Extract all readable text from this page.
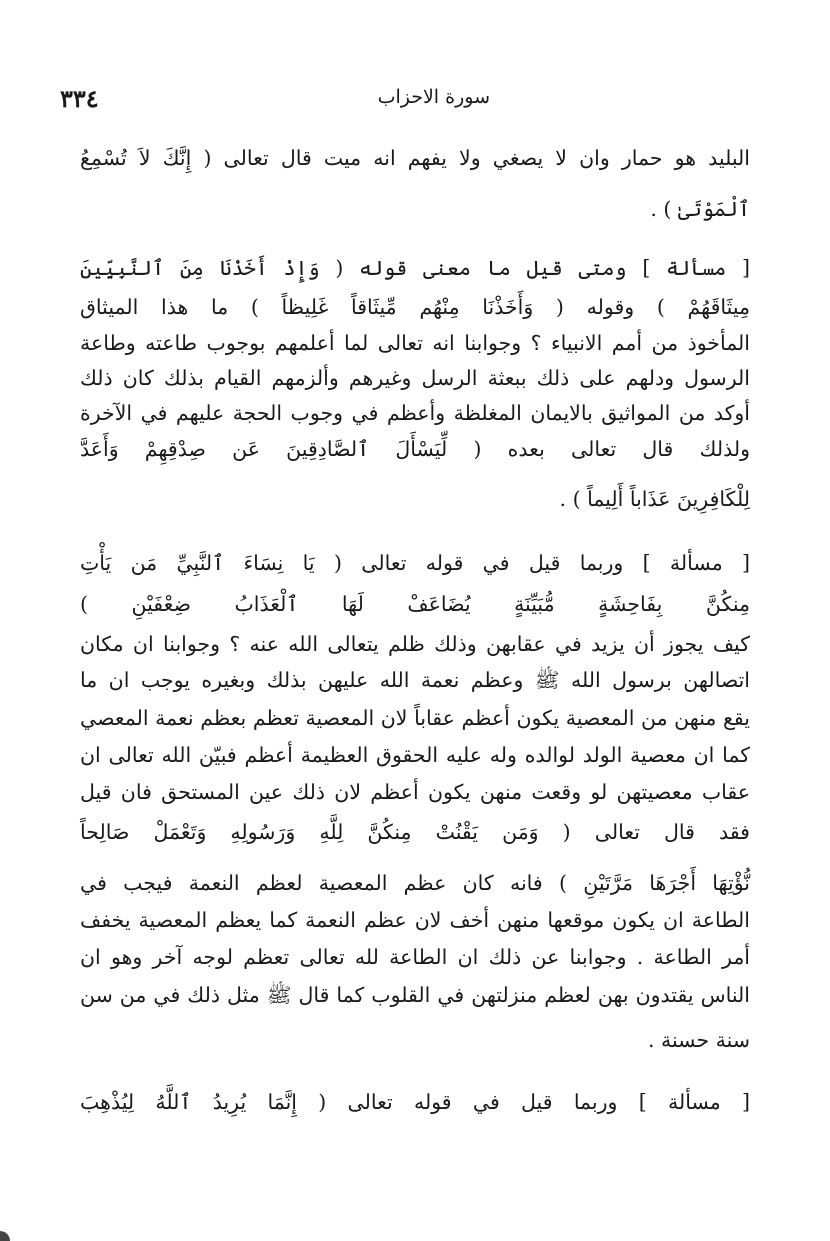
سورة الاحزاب
٣٣٤
البليد هو حمار وان لا يصغي ولا يفهم انه ميت قال تعالى ( إِنَّكَ لاَ تُسْمِعُ
ٱلْمَوْتَىٰ ) .
[ مسألة ] ومتى قيل ما معنى قوله ( وَإِذْ أَخَذْنَا مِنَ ٱلنَّبِيِّينَ
مِيثَاقَهُمْ ) وقوله ( وَأَخَذْنَا مِنْهُم مِّيثَاقاً غَلِيظاً ) ما هذا الميثاق
المأخوذ من أمم الانبياء ؟ وجوابنا انه تعالى لما أعلمهم بوجوب طاعته وطاعة
الرسول ودلهم على ذلك ببعثة الرسل وغيرهم وألزمهم القيام بذلك كان ذلك
أوكد من المواثيق بالايمان المغلظة وأعظم في وجوب الحجة عليهم في الآخرة
ولذلك قال تعالى بعده ( لِّيَسْأَلَ ٱلصَّادِقِينَ عَن صِدْقِهِمْ وَأَعَدَّ
لِلْكَافِرِينَ عَذَاباً أَلِيماً ) .
[ مسألة ] وربما قيل في قوله تعالى ( يَا نِسَاءَ ٱلنَّبِيِّ مَن يَأْتِ
مِنكُنَّ بِفَاحِشَةٍ مُّبَيِّنَةٍ يُضَاعَفْ لَهَا ٱلْعَذَابُ ضِعْفَيْنِ )
كيف يجوز أن يزيد في عقابهن وذلك ظلم يتعالى الله عنه ؟ وجوابنا ان مكان
اتصالهن برسول الله ﷺ وعظم نعمة الله عليهن بذلك وبغيره يوجب ان ما
يقع منهن من المعصية يكون أعظم عقاباً لان المعصية تعظم بعظم نعمة المعصي
كما ان معصية الولد لوالده وله عليه الحقوق العظيمة أعظم فبيّن الله تعالى ان
عقاب معصيتهن لو وقعت منهن يكون أعظم لان ذلك عين المستحق فان قيل
فقد قال تعالى ( وَمَن يَقْنُتْ مِنكُنَّ لِلَّهِ وَرَسُولِهِ وَتَعْمَلْ صَالِحاً
نُّؤْتِهَا أَجْرَهَا مَرَّتَيْنِ ) فانه كان عظم المعصية لعظم النعمة فيجب في
الطاعة ان يكون موقعها منهن أخف لان عظم النعمة كما يعظم المعصية يخفف
أمر الطاعة . وجوابنا عن ذلك ان الطاعة لله تعالى تعظم لوجه آخر وهو ان
الناس يقتدون بهن لعظم منزلتهن في القلوب كما قال ﷺ مثل ذلك في من سن
سنة حسنة .
[ مسألة ] وربما قيل في قوله تعالى ( إِنَّمَا يُرِيدُ ٱللَّهُ لِيُذْهِبَ
